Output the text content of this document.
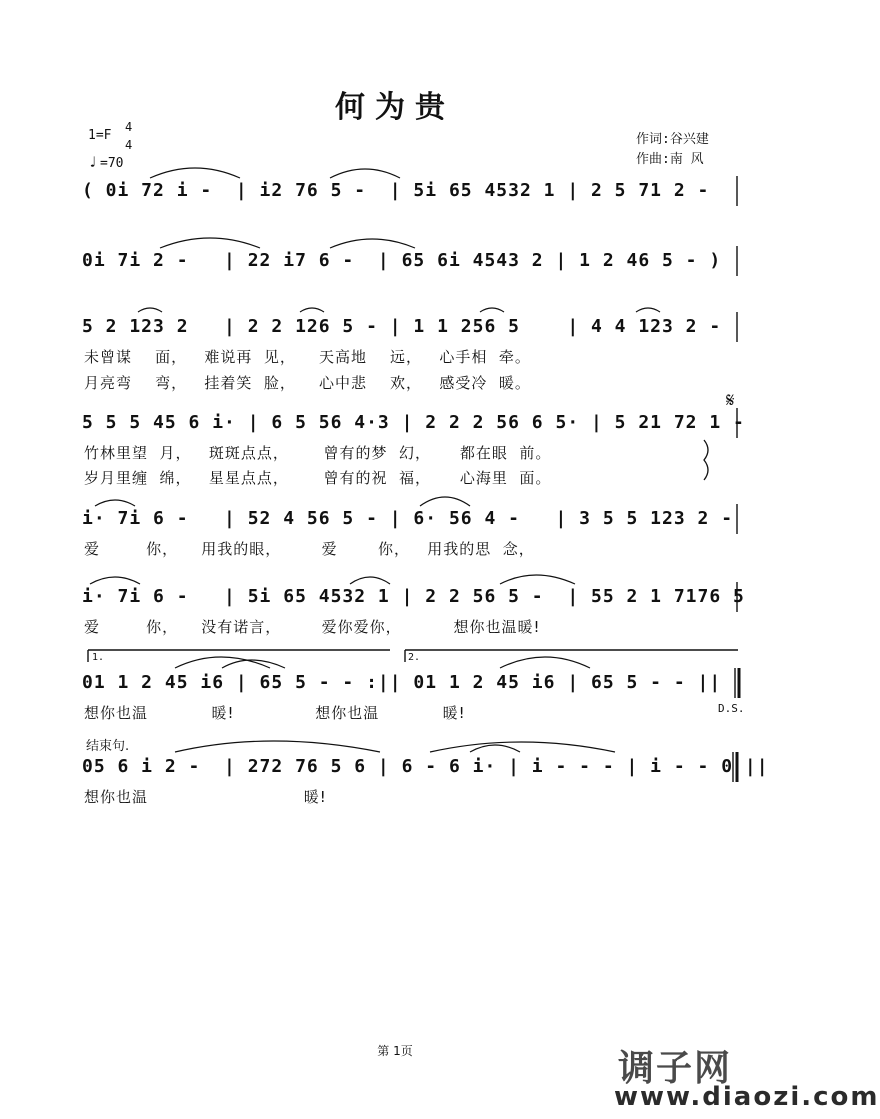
何为贵
1=F
4
4
♩ =70
作词:谷兴建
作曲:南 风
( 0i 72 i -  | i2 76 5 -  | 5i 65 4532 1 | 2 5 71 2 -
0i 7i 2 -   | 22 i7 6 -  | 65 6i 4543 2 | 1 2 46 5 - )
5 2 123 2   | 2 2 126 5 - | 1 1 256 5    | 4 4 123 2 -
未曾谋    面，   难说再  见，    天高地    远，   心手相  牵。
月亮弯    弯，   挂着笑  脸，    心中悲    欢，   感受冷  暖。
5 5 5 45 6 i· | 6 5 56 4·3 | 2 2 2 56 6 5· | 5 21 72 1 -
竹林里望  月，   斑斑点点，      曾有的梦  幻，     都在眼  前。
岁月里缠  绵，   星星点点，      曾有的祝  福，     心海里  面。
i· 7i 6 -   | 52 4 56 5 - | 6· 56 4 -   | 3 5 5 123 2 -
爱        你，    用我的眼，       爱       你，   用我的思  念，
i· 7i 6 -   | 5i 65 4532 1 | 2 2 56 5 -  | 55 2 1 7176 5
爱        你，    没有诺言，       爱你爱你，         想你也温暖!
1.	2.
01 1 2 45 i6 | 65 5 - - :|| 01 1 2 45 i6 | 65 5 - - ||
想你也温           暖!              想你也温           暖!	D.S.
结束句.
05 6 i 2 -  | 272 76 5 6 | 6 - 6 i· | i - - - | i - - 0 ||
想你也温                           暖!
𝄋
第 1页	调子网
www.diaozi.com
